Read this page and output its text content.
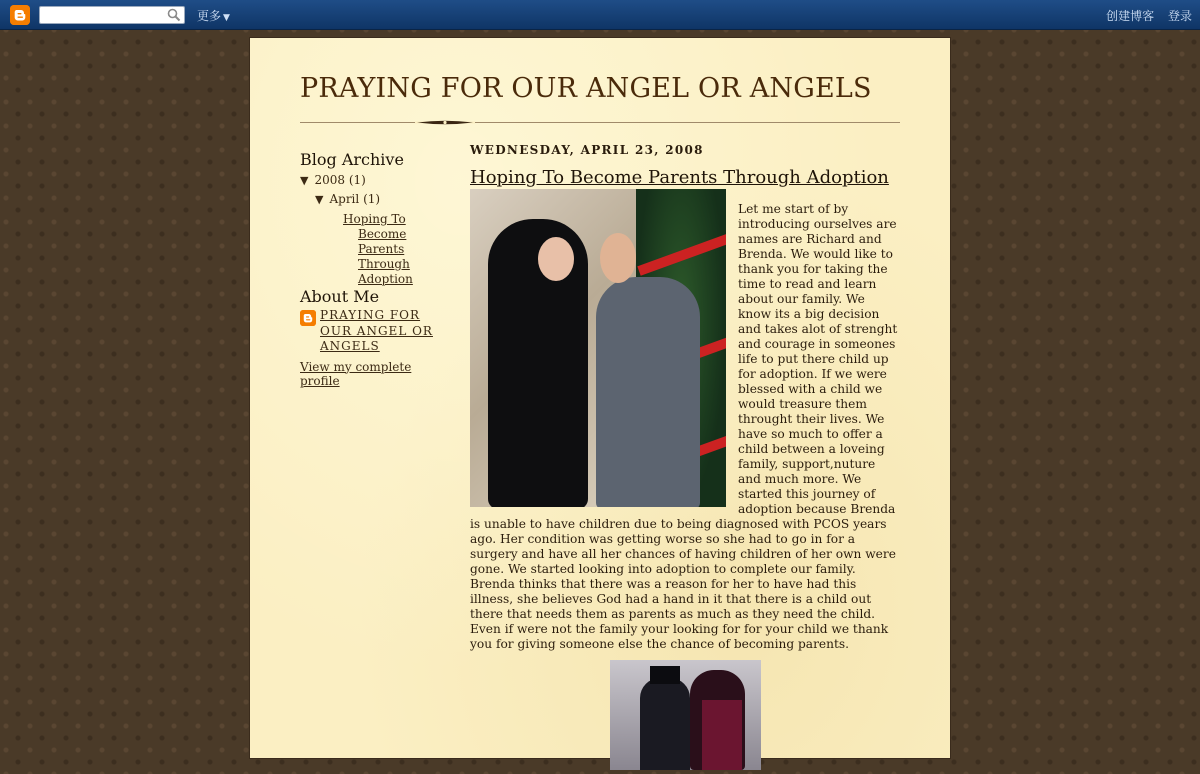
更多 ▼	创建博客 登录
PRAYING FOR OUR ANGEL OR ANGELS
Blog Archive
▼ 2008 (1)
▼ April (1)
Hoping To Become Parents Through Adoption
About Me
PRAYING FOR OUR ANGEL OR ANGELS
View my complete profile
WEDNESDAY, APRIL 23, 2008
Hoping To Become Parents Through Adoption
Let me start of by introducing ourselves are names are Richard and Brenda. We would like to thank you for taking the time to read and learn about our family. We know its a big decision and takes alot of strenght and courage in someones life to put there child up for adoption. If we were blessed with a child we would treasure them throught their lives. We have so much to offer a child between a loveing family, support,nuture and much more. We started this journey of adoption because Brenda is unable to have children due to being diagnosed with PCOS years ago. Her condition was getting worse so she had to go in for a surgery and have all her chances of having children of her own were gone. We started looking into adoption to complete our family. Brenda thinks that there was a reason for her to have had this illness, she believes God had a hand in it that there is a child out there that needs them as parents as much as they need the child. Even if were not the family your looking for for your child we thank you for giving someone else the chance of becoming parents.
